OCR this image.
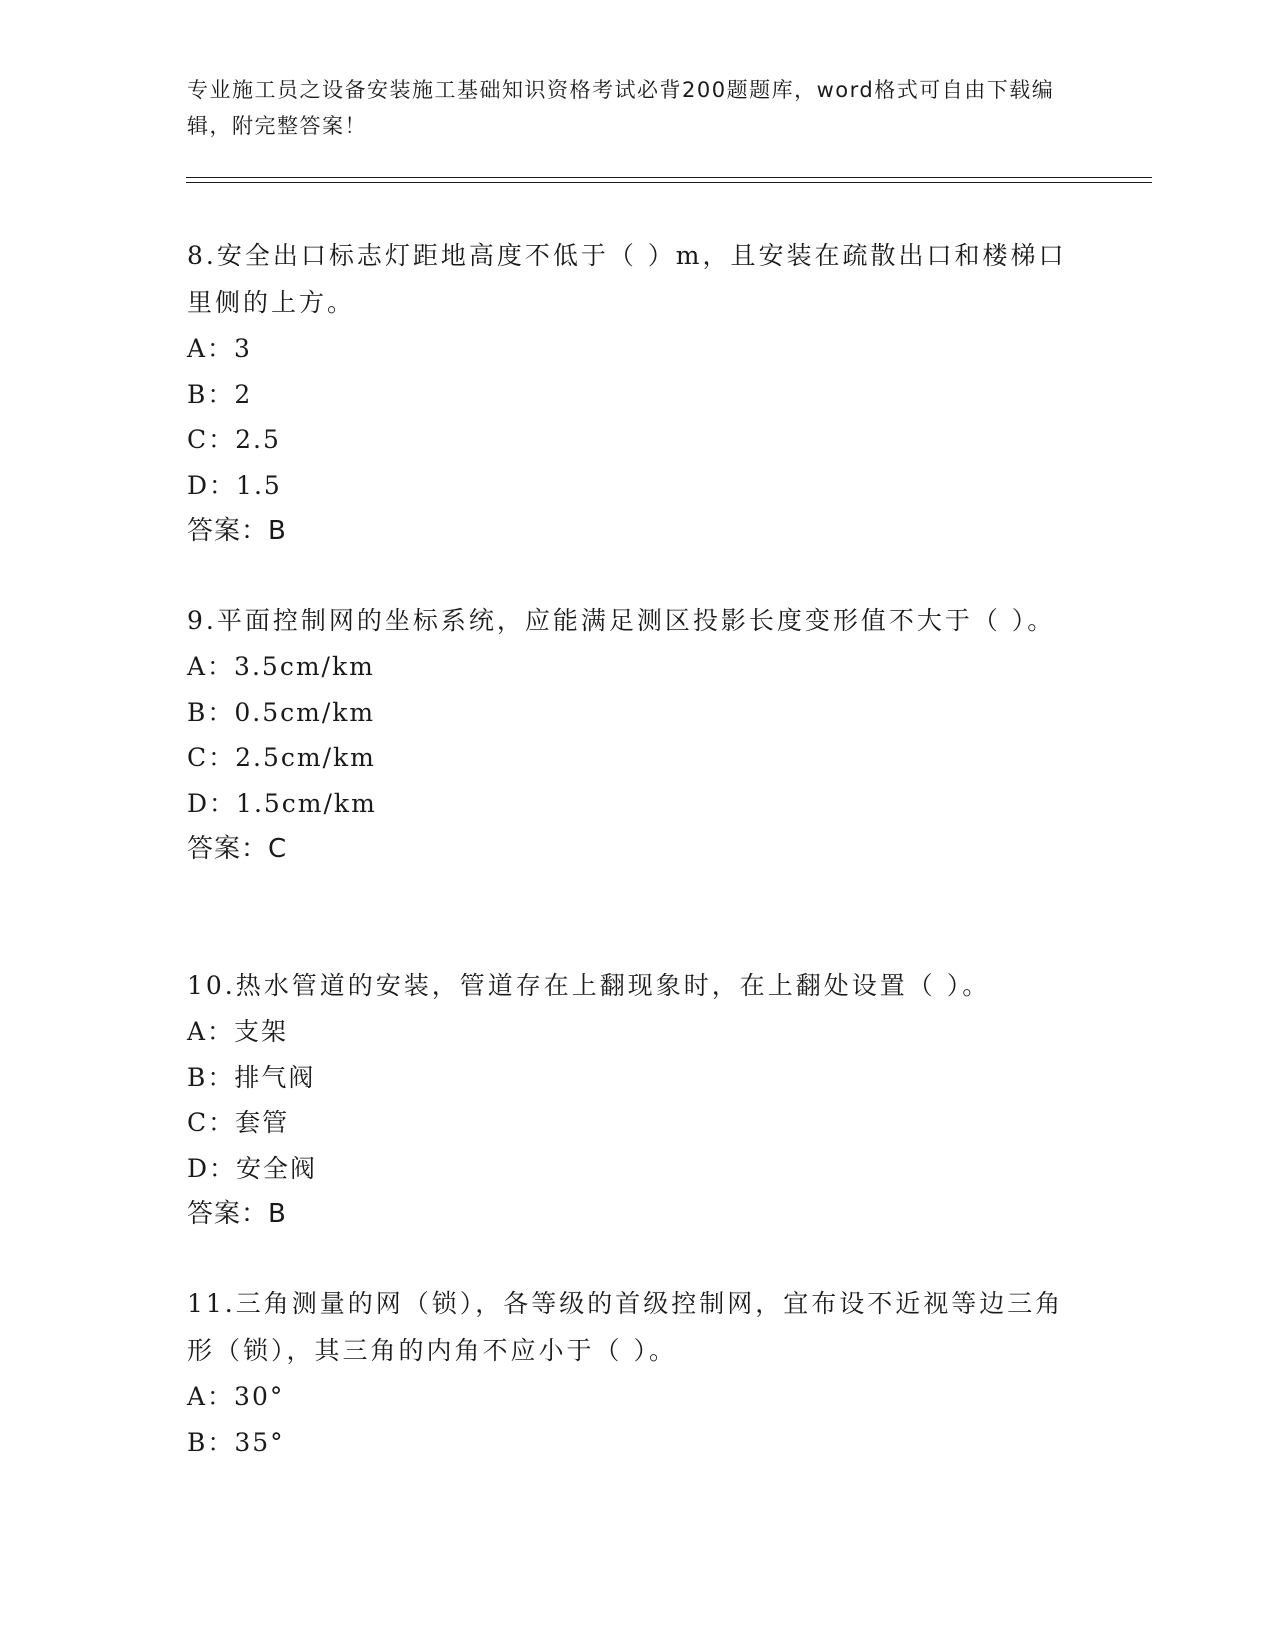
专业施工员之设备安装施工基础知识资格考试必背200题题库，word格式可自由下载编辑，附完整答案！

8.安全出口标志灯距地高度不低于（ ）m，且安装在疏散出口和楼梯口里侧的上方。

A：3

B：2

C：2.5

D：1.5

答案：B

9.平面控制网的坐标系统，应能满足测区投影长度变形值不大于（ ）。

A：3.5cm/km

B：0.5cm/km

C：2.5cm/km

D：1.5cm/km

答案：C

10.热水管道的安装，管道存在上翻现象时，在上翻处设置（ ）。

A：支架

B：排气阀

C：套管

D：安全阀

答案：B

11.三角测量的网（锁），各等级的首级控制网，宜布设不近视等边三角形（锁），其三角的内角不应小于（ ）。

A：30°

B：35°
